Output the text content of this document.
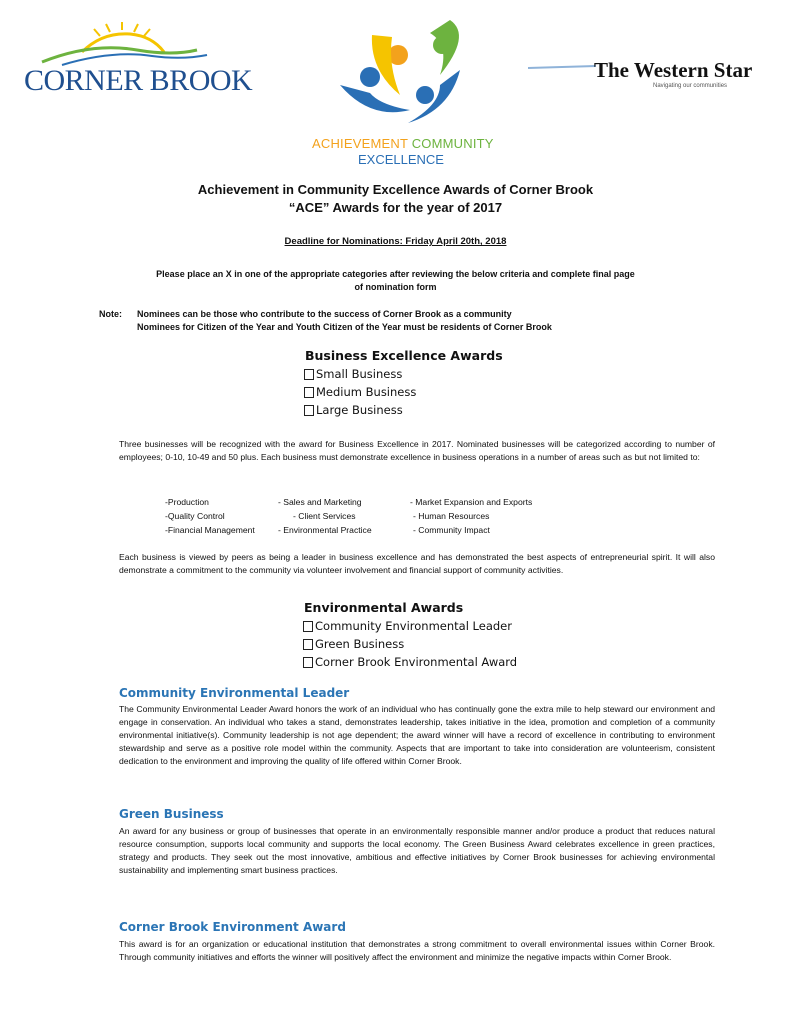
CORNER BROOK
ACHIEVEMENT COMMUNITY
EXCELLENCE
The Western Star
Navigating our communities
Achievement in Community Excellence Awards of Corner Brook
“ACE” Awards for the year of 2017
Deadline for Nominations: Friday April 20th, 2018
Please place an X in one of the appropriate categories after reviewing the below criteria and complete final page
of nomination form
Note: Nominees can be those who contribute to the success of Corner Brook as a community
Nominees for Citizen of the Year and Youth Citizen of the Year must be residents of Corner Brook
Business Excellence Awards
Small Business
Medium Business
Large Business
Three businesses will be recognized with the award for Business Excellence in 2017. Nominated businesses will be categorized according to number of employees; 0-10, 10-49 and 50 plus. Each business must demonstrate excellence in business operations in a number of areas such as but not limited to:
-Production
-Quality Control
-Financial Management
- Sales and Marketing
- Client Services
- Environmental Practice
- Market Expansion and Exports
- Human Resources
- Community Impact
Each business is viewed by peers as being a leader in business excellence and has demonstrated the best aspects of entrepreneurial spirit. It will also demonstrate a commitment to the community via volunteer involvement and financial support of community activities.
Environmental Awards
Community Environmental Leader
Green Business
Corner Brook Environmental Award
Community Environmental Leader
The Community Environmental Leader Award honors the work of an individual who has continually gone the extra mile to help steward our environment and engage in conservation. An individual who takes a stand, demonstrates leadership, takes initiative in the idea, promotion and completion of a community environmental initiative(s). Community leadership is not age dependent; the award winner will have a record of excellence in contributing to environment stewardship and serve as a positive role model within the community. Aspects that are important to take into consideration are volunteerism, consistent dedication to the environment and improving the quality of life offered within Corner Brook.
Green Business
An award for any business or group of businesses that operate in an environmentally responsible manner and/or produce a product that reduces natural resource consumption, supports local community and supports the local economy. The Green Business Award celebrates excellence in green practices, strategy and products. They seek out the most innovative, ambitious and effective initiatives by Corner Brook businesses for achieving environmental sustainability and implementing smart business practices.
Corner Brook Environment Award
This award is for an organization or educational institution that demonstrates a strong commitment to overall environmental issues within Corner Brook. Through community initiatives and efforts the winner will positively affect the environment and minimize the negative impacts within Corner Brook.
